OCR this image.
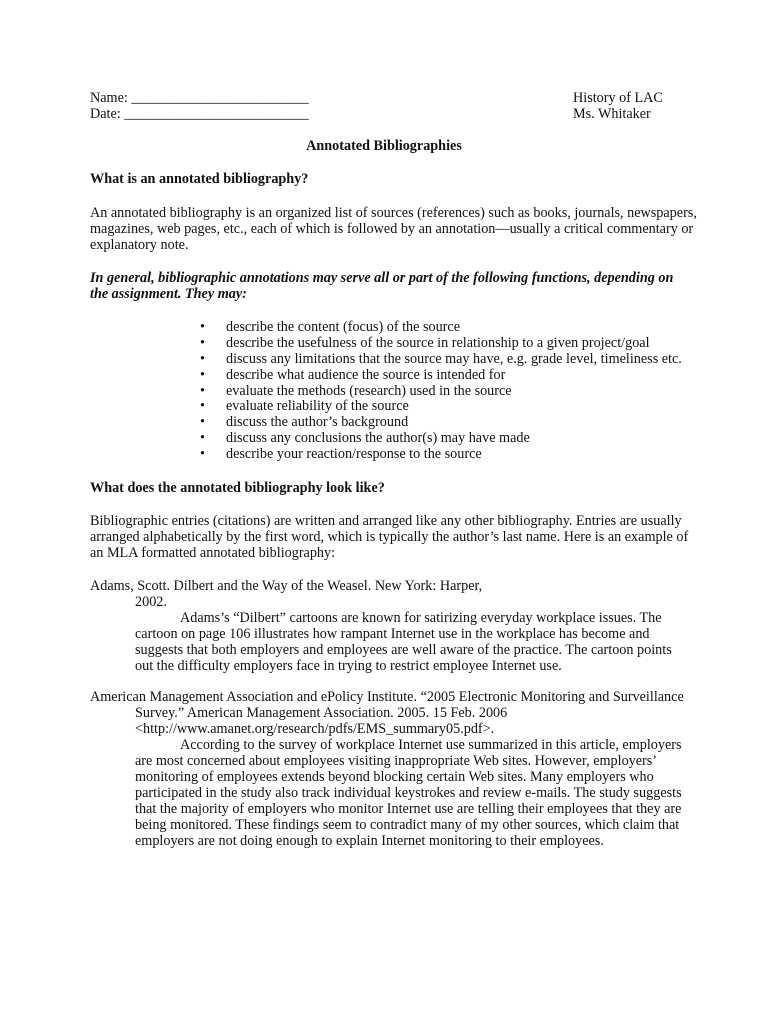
Name: _________________________
Date: __________________________
History of LAC
Ms. Whitaker
Annotated Bibliographies
What is an annotated bibliography?
An annotated bibliography is an organized list of sources (references) such as books, journals, newspapers,
magazines, web pages, etc., each of which is followed by an annotation—usually a critical commentary or
explanatory note.
In general, bibliographic annotations may serve all or part of the following functions, depending on
the assignment. They may:
• describe the content (focus) of the source
• describe the usefulness of the source in relationship to a given project/goal
• discuss any limitations that the source may have, e.g. grade level, timeliness etc.
• describe what audience the source is intended for
• evaluate the methods (research) used in the source
• evaluate reliability of the source
• discuss the author’s background
• discuss any conclusions the author(s) may have made
• describe your reaction/response to the source
What does the annotated bibliography look like?
Bibliographic entries (citations) are written and arranged like any other bibliography. Entries are usually
arranged alphabetically by the first word, which is typically the author’s last name. Here is an example of
an MLA formatted annotated bibliography:
Adams, Scott. Dilbert and the Way of the Weasel. New York: Harper,
2002.
Adams’s “Dilbert” cartoons are known for satirizing everyday workplace issues. The
cartoon on page 106 illustrates how rampant Internet use in the workplace has become and
suggests that both employers and employees are well aware of the practice. The cartoon points
out the difficulty employers face in trying to restrict employee Internet use.
American Management Association and ePolicy Institute. “2005 Electronic Monitoring and Surveillance
Survey.” American Management Association. 2005. 15 Feb. 2006
<http://www.amanet.org/research/pdfs/EMS_summary05.pdf>.
According to the survey of workplace Internet use summarized in this article, employers
are most concerned about employees visiting inappropriate Web sites. However, employers’
monitoring of employees extends beyond blocking certain Web sites. Many employers who
participated in the study also track individual keystrokes and review e-mails. The study suggests
that the majority of employers who monitor Internet use are telling their employees that they are
being monitored. These findings seem to contradict many of my other sources, which claim that
employers are not doing enough to explain Internet monitoring to their employees.
